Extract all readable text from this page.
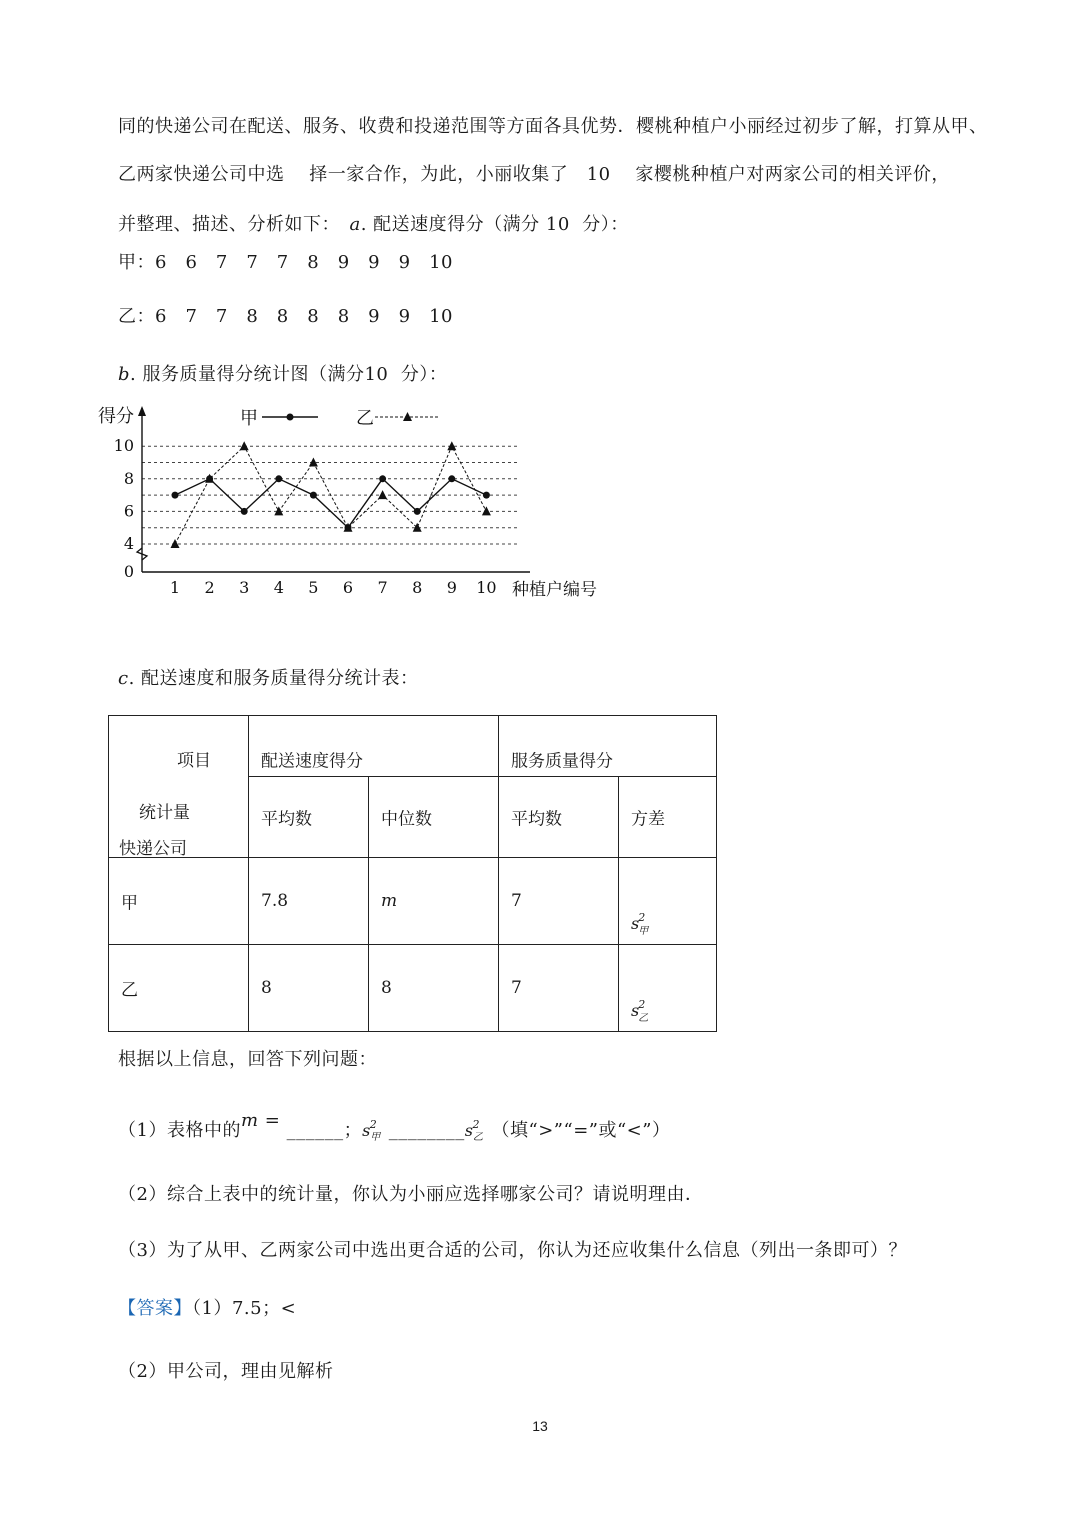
同的快递公司在配送、服务、收费和投递范围等方面各具优势．樱桃种植户小丽经过初步了解，打算从甲、
乙两家快递公司中选　 择一家合作，为此，小丽收集了　10　 家樱桃种植户对两家公司的相关评价，
并整理、描述、分析如下：　a. 配送速度得分（满分 10  分）：
甲：6　6　7　7　7　8　9　9　9　10
乙：6　7　7　8　8　8　8　9　9　10
b. 服务质量得分统计图（满分10  分）：
0
4
6
8
10
1 2 3 4 5 6 7 8 9 10
得分
种植户编号
甲	乙
c. 配送速度和服务质量得分统计表：
项目
统计量
快递公司	配送速度得分		服务质量得分	

	平均数	中位数	平均数	方差

甲	7.8	m	7	$s^2_甲$

乙	8	8	7	$s^2_乙$
根据以上信息，回答下列问题：
（1）表格中的m = ______；$s^2_甲$ $\_\_\_\_\_\_\_\_s^2_乙$ （填“>”“=”或“<”）
（2）综合上表中的统计量，你认为小丽应选择哪家公司？请说明理由．
（3）为了从甲、乙两家公司中选出更合适的公司，你认为还应收集什么信息（列出一条即可）？
【答案】（1）7.5；<
（2）甲公司，理由见解析
13
